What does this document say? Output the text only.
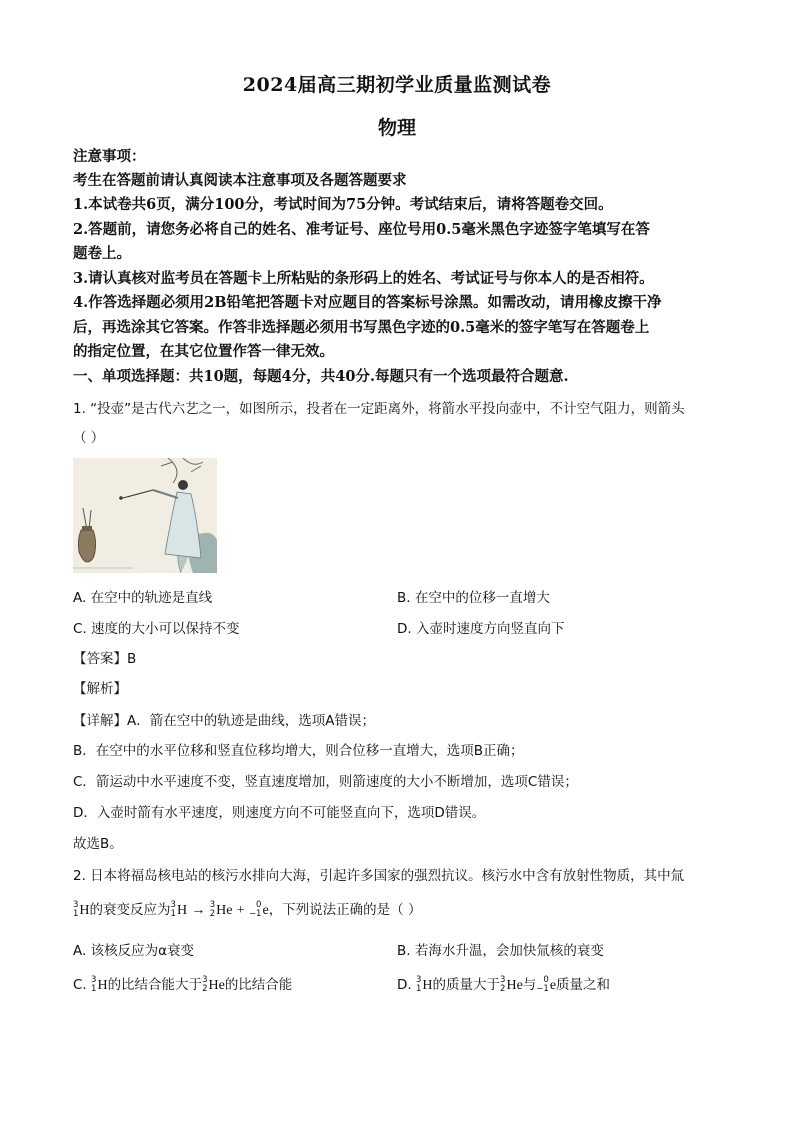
2024届高三期初学业质量监测试卷
物理
注意事项：
考生在答题前请认真阅读本注意事项及各题答题要求
1.本试卷共6页，满分100分，考试时间为75分钟。考试结束后，请将答题卷交回。
2.答题前，请您务必将自己的姓名、准考证号、座位号用0.5毫米黑色字迹签字笔填写在答
题卷上。
3.请认真核对监考员在答题卡上所粘贴的条形码上的姓名、考试证号与你本人的是否相符。
4.作答选择题必须用2B铅笔把答题卡对应题目的答案标号涂黑。如需改动，请用橡皮擦干净
后，再选涂其它答案。作答非选择题必须用书写黑色字迹的0.5毫米的签字笔写在答题卷上
的指定位置，在其它位置作答一律无效。
一、单项选择题：共10题，每题4分，共40分.每题只有一个选项最符合题意.
1. “投壶”是古代六艺之一，如图所示，投者在一定距离外，将箭水平投向壶中，不计空气阻力，则箭头
（ ）
A. 在空中的轨迹是直线	B. 在空中的位移一直增大
C. 速度的大小可以保持不变	D. 入壶时速度方向竖直向下
【答案】B
【解析】
【详解】A．箭在空中的轨迹是曲线，选项A错误；
B．在空中的水平位移和竖直位移均增大，则合位移一直增大，选项B正确；
C．箭运动中水平速度不变，竖直速度增加，则箭速度的大小不断增加，选项C错误；
D．入壶时箭有水平速度，则速度方向不可能竖直向下，选项D错误。
故选B。
2. 日本将福岛核电站的核污水排向大海，引起许多国家的强烈抗议。核污水中含有放射性物质，其中氚
3
1 H的衰变反应为 3
1 H → 3
2 He +	0
−1 e，下列说法正确的是（ ）
A. 该核反应为α衰变	B. 若海水升温，会加快氚核的衰变
C. 3
1 H的比结合能大于 3
2 He的比结合能	D. 3
1 H的质量大于 3
2 He与 0
−1 e质量之和
